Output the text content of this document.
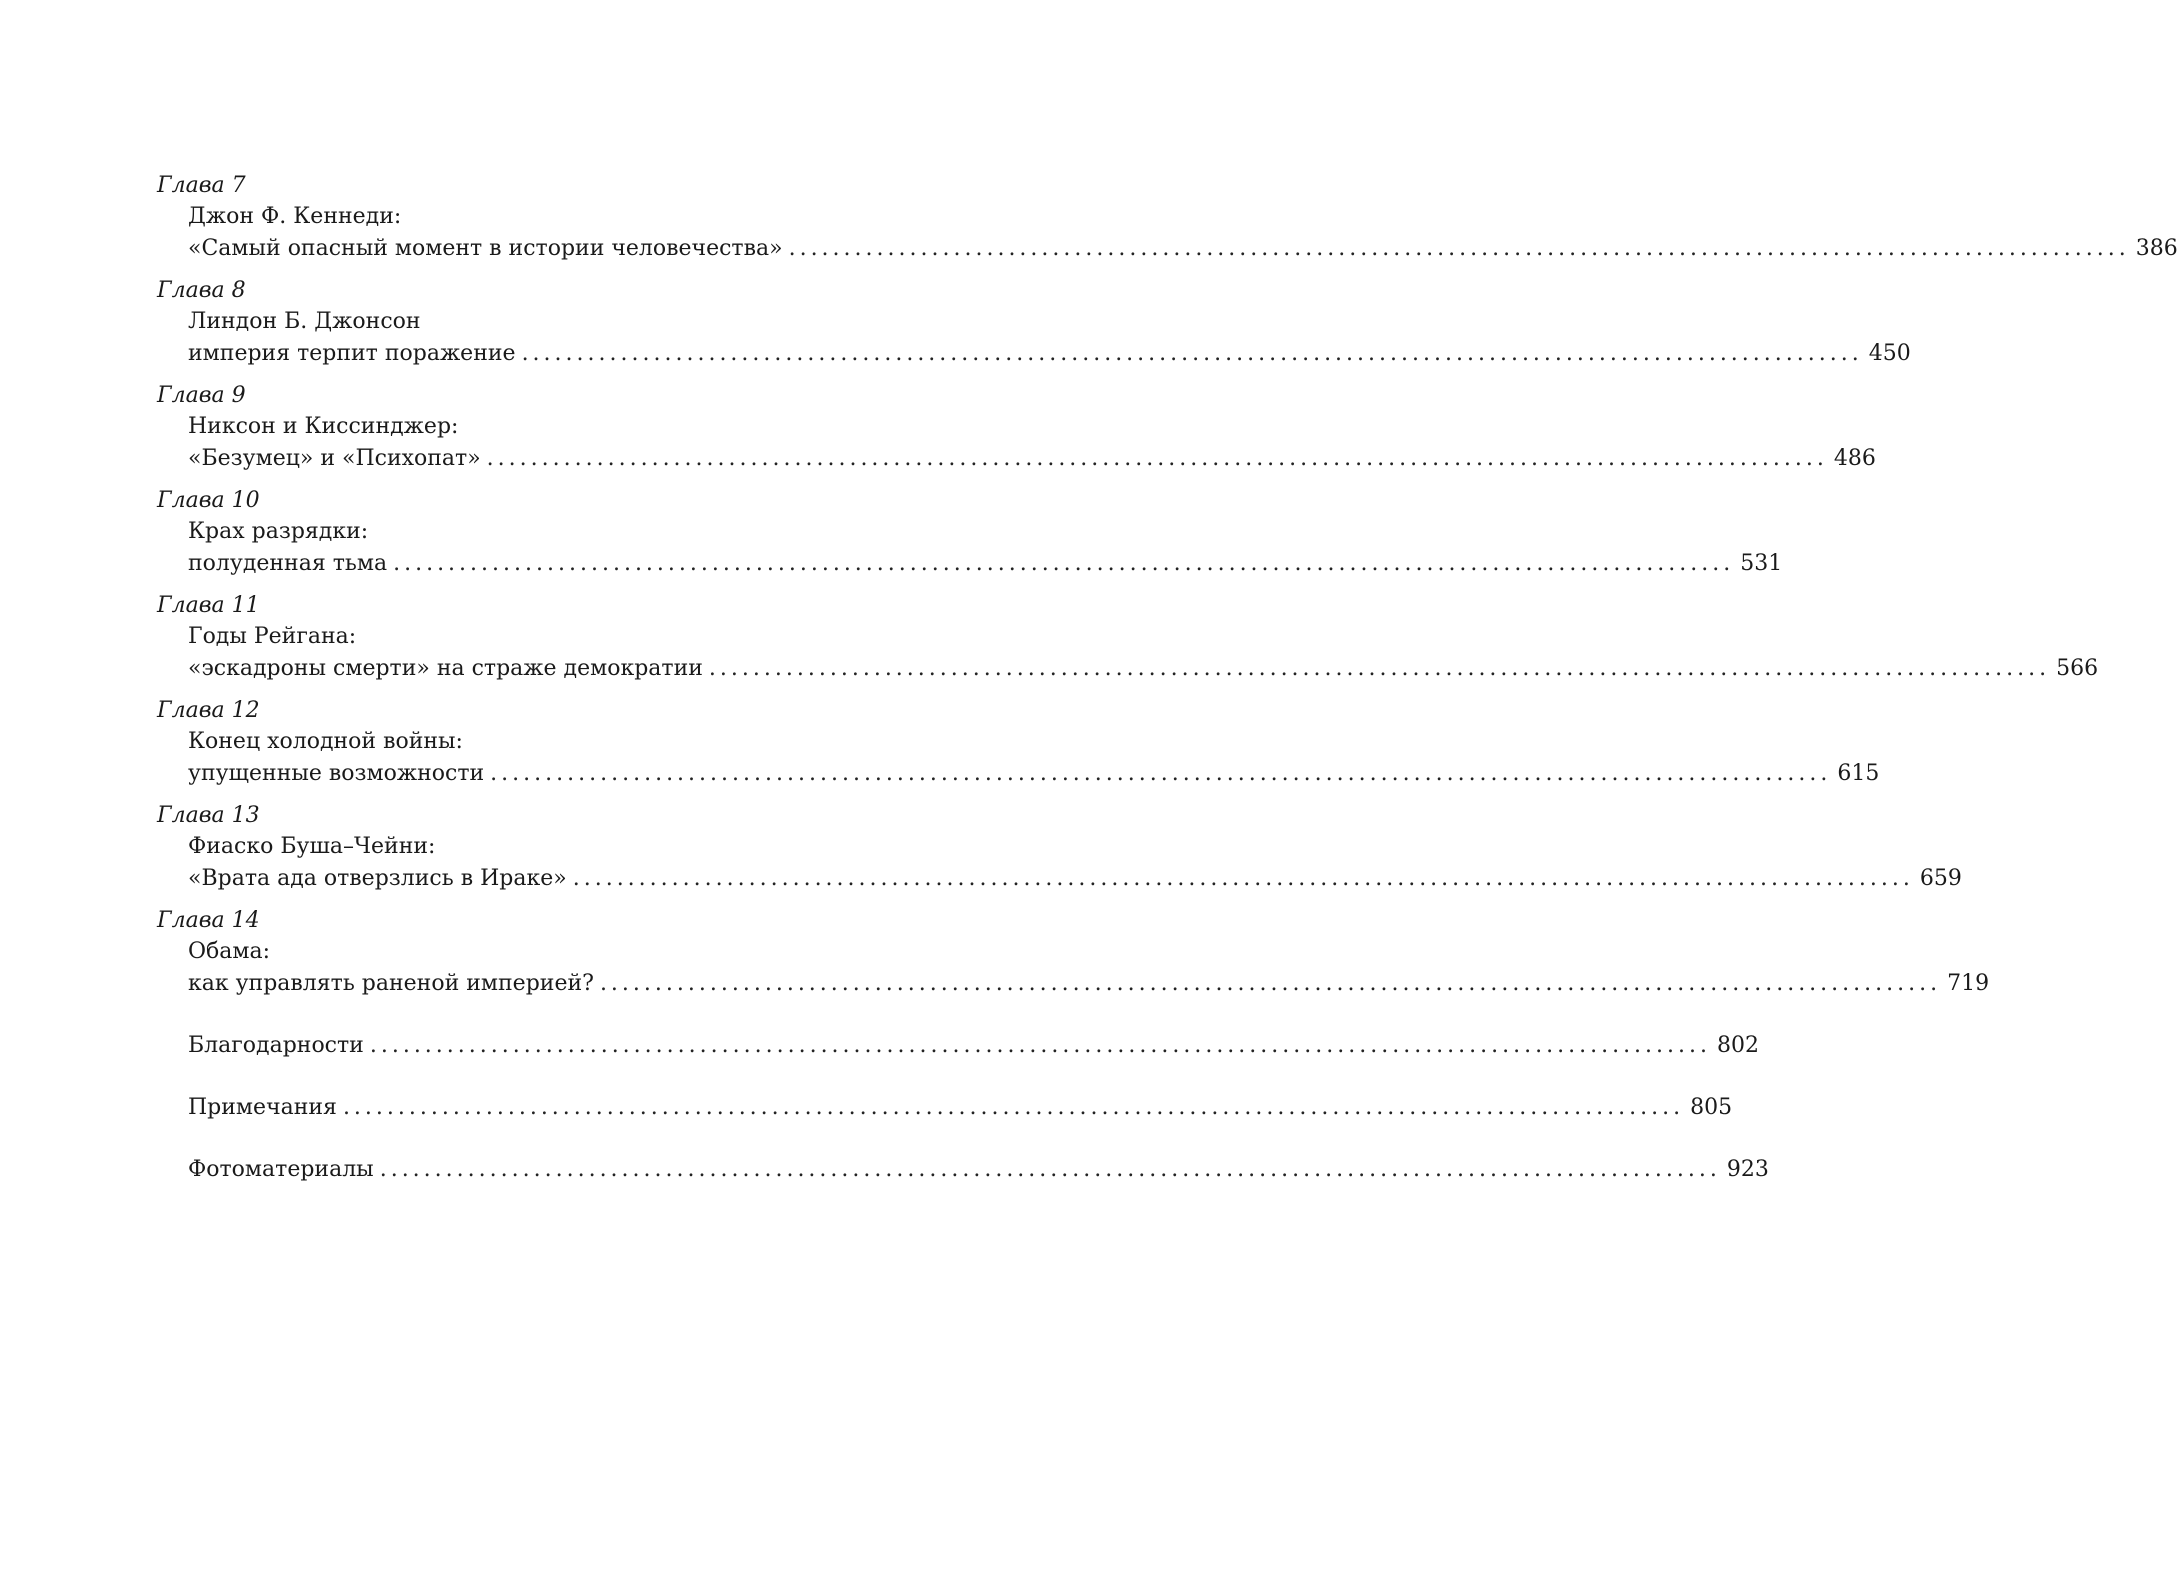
Глава 7
Джон Ф. Кеннеди:
«Самый опасный момент в истории человечества» .......................................................................................................................... 386
Глава 8
Линдон Б. Джонсон
империя терпит поражение .......................................................................................................................... 450
Глава 9
Никсон и Киссинджер:
«Безумец» и «Психопат» .......................................................................................................................... 486
Глава 10
Крах разрядки:
полуденная тьма .......................................................................................................................... 531
Глава 11
Годы Рейгана:
«эскадроны смерти» на страже демократии .......................................................................................................................... 566
Глава 12
Конец холодной войны:
упущенные возможности .......................................................................................................................... 615
Глава 13
Фиаско Буша–Чейни:
«Врата ада отверзлись в Ираке» .......................................................................................................................... 659
Глава 14
Обама:
как управлять раненой империей? .......................................................................................................................... 719
Благодарности .......................................................................................................................... 802
Примечания .......................................................................................................................... 805
Фотоматериалы .......................................................................................................................... 923
